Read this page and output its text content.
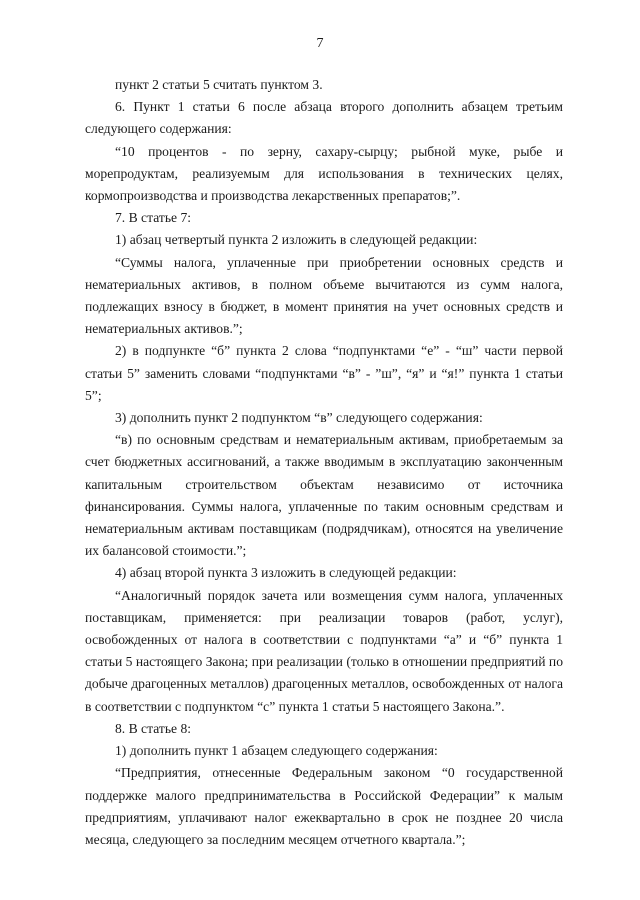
7

пункт 2 статьи 5 считать пунктом 3.

6. Пункт 1 статьи 6 после абзаца второго дополнить абзацем третьим следующего содержания:

“10 процентов - по зерну, сахару-сырцу; рыбной муке, рыбе и морепродуктам, реализуемым для использования в технических целях, кормопроизводства и производства лекарственных препаратов;”.

7. В статье 7:

1) абзац четвертый пункта 2 изложить в следующей редакции:

“Суммы налога, уплаченные при приобретении основных средств и нематериальных активов, в полном объеме вычитаются из сумм налога, подлежащих взносу в бюджет, в момент принятия на учет основных средств и нематериальных активов.”;

2) в подпункте “б” пункта 2 слова “подпунктами “е” - “ш” части первой статьи 5” заменить словами “подпунктами “в” - ”ш”, “я” и “я!” пункта 1 статьи 5”;

3) дополнить пункт 2 подпунктом “в” следующего содержания:

“в) по основным средствам и нематериальным активам, приобретаемым за счет бюджетных ассигнований, а также вводимым в эксплуатацию законченным капитальным строительством объектам независимо от источника финансирования. Суммы налога, уплаченные по таким основным средствам и нематериальным активам поставщикам (подрядчикам), относятся на увеличение их балансовой стоимости.”;

4) абзац второй пункта 3 изложить в следующей редакции:

“Аналогичный порядок зачета или возмещения сумм налога, уплаченных поставщикам, применяется: при реализации товаров (работ, услуг), освобожденных от налога в соответствии с подпунктами “а” и “б” пункта 1 статьи 5 настоящего Закона; при реализации (только в отношении предприятий по добыче драгоценных металлов) драгоценных металлов, освобожденных от налога в соответствии с подпунктом “с” пункта 1 статьи 5 настоящего Закона.”.

8. В статье 8:

1) дополнить пункт 1 абзацем следующего содержания:

“Предприятия, отнесенные Федеральным законом “0 государственной поддержке малого предпринимательства в Российской Федерации” к малым предприятиям, уплачивают налог ежеквартально в срок не позднее 20 числа месяца, следующего за последним месяцем отчетного квартала.”;
